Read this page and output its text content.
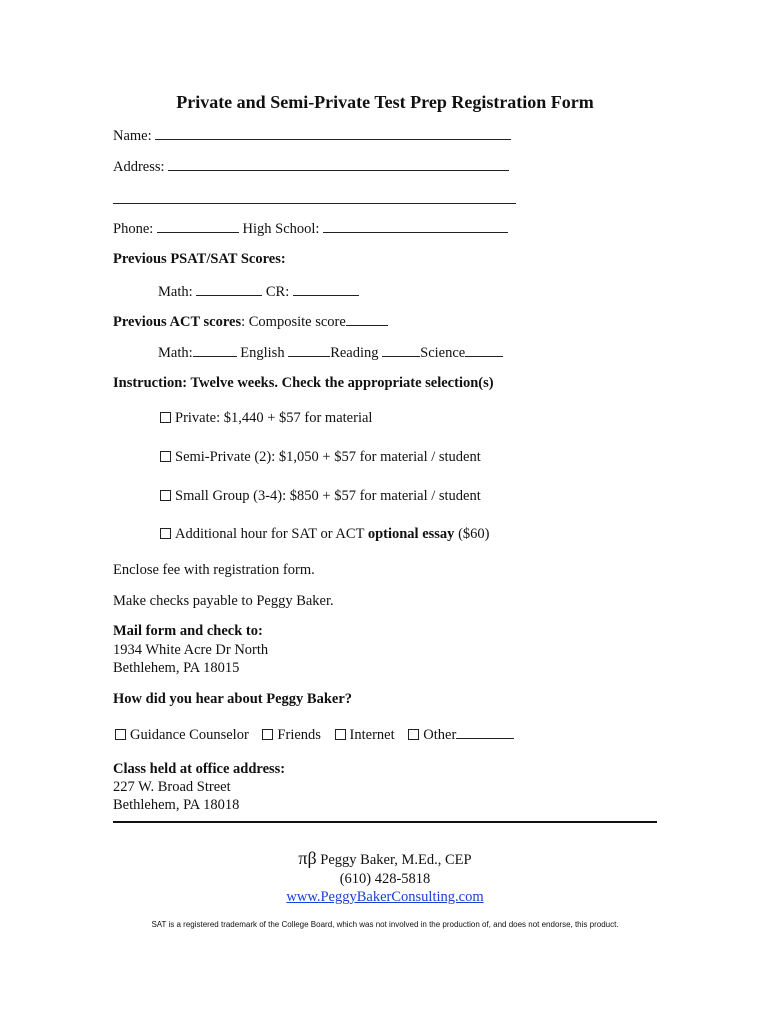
Private and Semi-Private Test Prep Registration Form
Name:
Address:
Phone:	High School:
Previous PSAT/SAT Scores:
Math:	CR:
Previous ACT scores: Composite score
Math:	English	Reading	Science
Instruction: Twelve weeks. Check the appropriate selection(s)
Private: $1,440 + $57 for material
Semi-Private (2): $1,050 + $57 for material / student
Small Group (3-4): $850 + $57 for material / student
Additional hour for SAT or ACT optional essay ($60)
Enclose fee with registration form.
Make checks payable to Peggy Baker.
Mail form and check to:
1934 White Acre Dr North
Bethlehem, PA 18015
How did you hear about Peggy Baker?
Guidance Counselor Friends Internet Other
Class held at office address:
227 W. Broad Street
Bethlehem, PA 18018
πβ Peggy Baker, M.Ed., CEP
(610) 428-5818
www.PeggyBakerConsulting.com
SAT is a registered trademark of the College Board, which was not involved in the production of, and does not endorse, this product.
